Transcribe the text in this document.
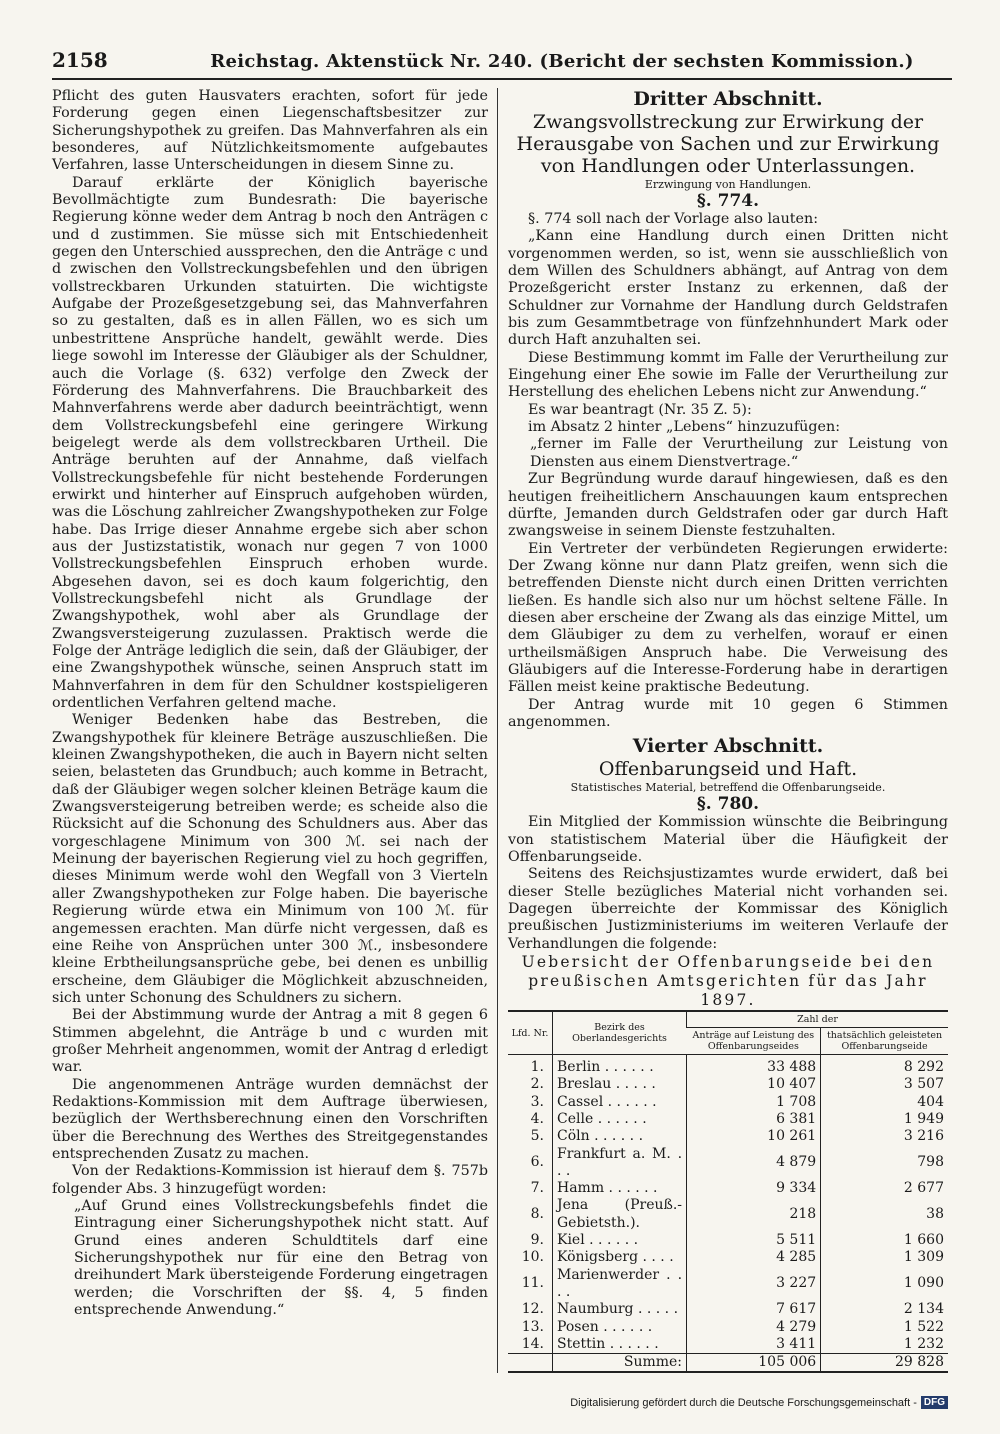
2158	Reichstag. Aktenstück Nr. 240. (Bericht der sechsten Kommission.)

Pflicht des guten Hausvaters erachten, sofort für jede Forderung gegen einen Liegenschaftsbesitzer zur Sicherungshypothek zu greifen. Das Mahnverfahren als ein besonderes, auf Nützlichkeitsmomente aufgebautes Verfahren, lasse Unterscheidungen in diesem Sinne zu.

Darauf erklärte der Königlich bayerische Bevollmächtigte zum Bundesrath: Die bayerische Regierung könne weder dem Antrag b noch den Anträgen c und d zustimmen. Sie müsse sich mit Entschiedenheit gegen den Unterschied aussprechen, den die Anträge c und d zwischen den Vollstreckungsbefehlen und den übrigen vollstreckbaren Urkunden statuirten. Die wichtigste Aufgabe der Prozeßgesetzgebung sei, das Mahnverfahren so zu gestalten, daß es in allen Fällen, wo es sich um unbestrittene Ansprüche handelt, gewählt werde. Dies liege sowohl im Interesse der Gläubiger als der Schuldner, auch die Vorlage (§. 632) verfolge den Zweck der Förderung des Mahnverfahrens. Die Brauchbarkeit des Mahnverfahrens werde aber dadurch beeinträchtigt, wenn dem Vollstreckungsbefehl eine geringere Wirkung beigelegt werde als dem vollstreckbaren Urtheil. Die Anträge beruhten auf der Annahme, daß vielfach Vollstreckungsbefehle für nicht bestehende Forderungen erwirkt und hinterher auf Einspruch aufgehoben würden, was die Löschung zahlreicher Zwangshypotheken zur Folge habe. Das Irrige dieser Annahme ergebe sich aber schon aus der Justizstatistik, wonach nur gegen 7 von 1000 Vollstreckungsbefehlen Einspruch erhoben wurde. Abgesehen davon, sei es doch kaum folgerichtig, den Vollstreckungsbefehl nicht als Grundlage der Zwangshypothek, wohl aber als Grundlage der Zwangsversteigerung zuzulassen. Praktisch werde die Folge der Anträge lediglich die sein, daß der Gläubiger, der eine Zwangshypothek wünsche, seinen Anspruch statt im Mahnverfahren in dem für den Schuldner kostspieligeren ordentlichen Verfahren geltend mache.

Weniger Bedenken habe das Bestreben, die Zwangshypothek für kleinere Beträge auszuschließen. Die kleinen Zwangshypotheken, die auch in Bayern nicht selten seien, belasteten das Grundbuch; auch komme in Betracht, daß der Gläubiger wegen solcher kleinen Beträge kaum die Zwangsversteigerung betreiben werde; es scheide also die Rücksicht auf die Schonung des Schuldners aus. Aber das vorgeschlagene Minimum von 300 ℳ. sei nach der Meinung der bayerischen Regierung viel zu hoch gegriffen, dieses Minimum werde wohl den Wegfall von 3 Vierteln aller Zwangshypotheken zur Folge haben. Die bayerische Regierung würde etwa ein Minimum von 100 ℳ. für angemessen erachten. Man dürfe nicht vergessen, daß es eine Reihe von Ansprüchen unter 300 ℳ., insbesondere kleine Erbtheilungsansprüche gebe, bei denen es unbillig erscheine, dem Gläubiger die Möglichkeit abzuschneiden, sich unter Schonung des Schuldners zu sichern.

Bei der Abstimmung wurde der Antrag a mit 8 gegen 6 Stimmen abgelehnt, die Anträge b und c wurden mit großer Mehrheit angenommen, womit der Antrag d erledigt war.

Die angenommenen Anträge wurden demnächst der Redaktions-Kommission mit dem Auftrage überwiesen, bezüglich der Werthsberechnung einen den Vorschriften über die Berechnung des Werthes des Streitgegenstandes entsprechenden Zusatz zu machen.

Von der Redaktions-Kommission ist hierauf dem §. 757b folgender Abs. 3 hinzugefügt worden:

„Auf Grund eines Vollstreckungsbefehls findet die Eintragung einer Sicherungshypothek nicht statt. Auf Grund eines anderen Schuldtitels darf eine Sicherungshypothek nur für eine den Betrag von dreihundert Mark übersteigende Forderung eingetragen werden; die Vorschriften der §§. 4, 5 finden entsprechende Anwendung.“

Dritter Abschnitt.

Zwangsvollstreckung zur Erwirkung der Herausgabe von Sachen und zur Erwirkung von Handlungen oder Unterlassungen.

Erzwingung von Handlungen.

§. 774.

§. 774 soll nach der Vorlage also lauten:

„Kann eine Handlung durch einen Dritten nicht vorgenommen werden, so ist, wenn sie ausschließlich von dem Willen des Schuldners abhängt, auf Antrag von dem Prozeßgericht erster Instanz zu erkennen, daß der Schuldner zur Vornahme der Handlung durch Geldstrafen bis zum Gesammtbetrage von fünfzehnhundert Mark oder durch Haft anzuhalten sei.

Diese Bestimmung kommt im Falle der Verurtheilung zur Eingehung einer Ehe sowie im Falle der Verurtheilung zur Herstellung des ehelichen Lebens nicht zur Anwendung.“

Es war beantragt (Nr. 35 Z. 5):

im Absatz 2 hinter „Lebens“ hinzuzufügen:

„ferner im Falle der Verurtheilung zur Leistung von Diensten aus einem Dienstvertrage.“

Zur Begründung wurde darauf hingewiesen, daß es den heutigen freiheitlichern Anschauungen kaum entsprechen dürfte, Jemanden durch Geldstrafen oder gar durch Haft zwangsweise in seinem Dienste festzuhalten.

Ein Vertreter der verbündeten Regierungen erwiderte: Der Zwang könne nur dann Platz greifen, wenn sich die betreffenden Dienste nicht durch einen Dritten verrichten ließen. Es handle sich also nur um höchst seltene Fälle. In diesen aber erscheine der Zwang als das einzige Mittel, um dem Gläubiger zu dem zu verhelfen, worauf er einen urtheilsmäßigen Anspruch habe. Die Verweisung des Gläubigers auf die Interesse-Forderung habe in derartigen Fällen meist keine praktische Bedeutung.

Der Antrag wurde mit 10 gegen 6 Stimmen angenommen.

Vierter Abschnitt.

Offenbarungseid und Haft.

Statistisches Material, betreffend die Offenbarungseide.

§. 780.

Ein Mitglied der Kommission wünschte die Beibringung von statistischem Material über die Häufigkeit der Offenbarungseide.

Seitens des Reichsjustizamtes wurde erwidert, daß bei dieser Stelle bezügliches Material nicht vorhanden sei. Dagegen überreichte der Kommissar des Königlich preußischen Justizministeriums im weiteren Verlaufe der Verhandlungen die folgende:

Uebersicht der Offenbarungseide bei den preußischen Amtsgerichten für das Jahr 1897.

Lfd. Nr.	Bezirk des Oberlandesgerichts	Zahl der	
		Anträge auf Leistung des Offenbarungseides	thatsächlich geleisteten Offenbarungseide
1.	Berlin . . . . . .	33 488	8 292
2.	Breslau . . . . .	10 407	3 507
3.	Cassel . . . . . .	1 708	404
4.	Celle . . . . . .	6 381	1 949
5.	Cöln . . . . . .	10 261	3 216
6.	Frankfurt a. M. . . .	4 879	798
7.	Hamm . . . . . .	9 334	2 677
8.	Jena (Preuß.-Gebietsth.).	218	38
9.	Kiel . . . . . .	5 511	1 660
10.	Königsberg . . . .	4 285	1 309
11.	Marienwerder . . . .	3 227	1 090
12.	Naumburg . . . . .	7 617	2 134
13.	Posen . . . . . .	4 279	1 522
14.	Stettin . . . . . .	3 411	1 232
	Summe:	105 006	29 828
Digitalisierung gefördert durch die Deutsche Forschungsgemeinschaft - DFG
